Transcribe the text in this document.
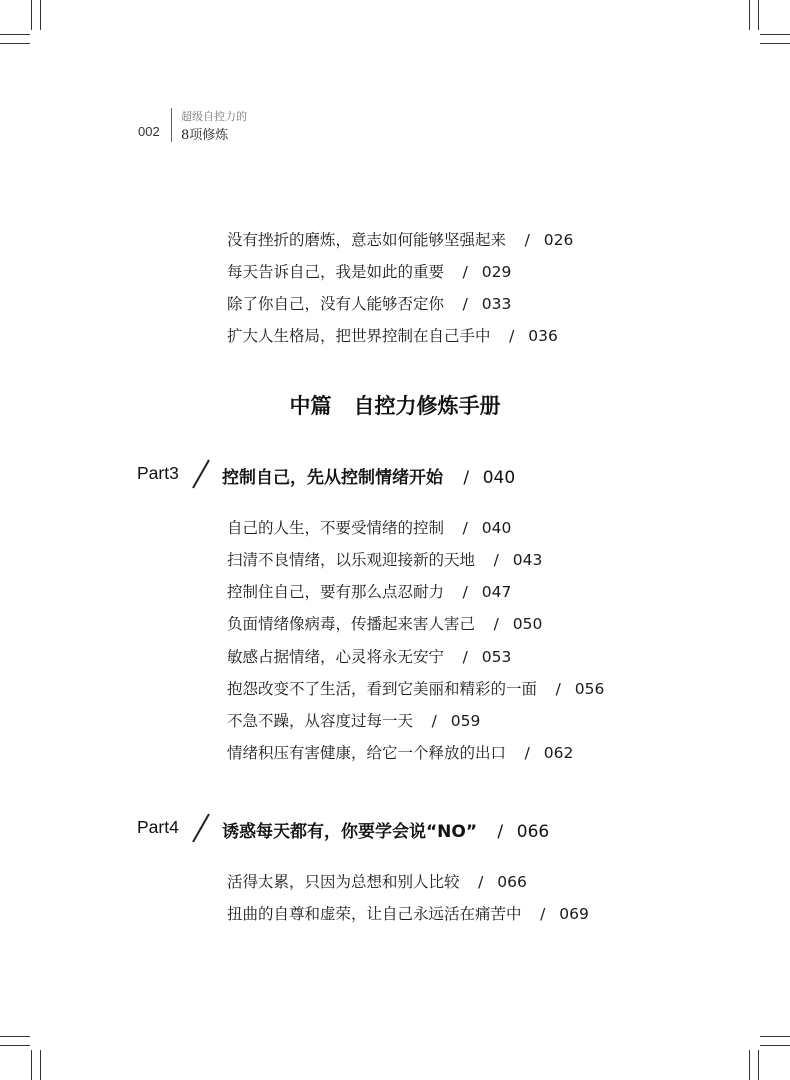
002
超级自控力的
8项修炼
没有挫折的磨炼，意志如何能够坚强起来 / 026
每天告诉自己，我是如此的重要 / 029
除了你自己，没有人能够否定你 / 033
扩大人生格局，把世界控制在自己手中 / 036
中篇 自控力修炼手册
Part3	控制自己，先从控制情绪开始 / 040
自己的人生，不要受情绪的控制 / 040
扫清不良情绪，以乐观迎接新的天地 / 043
控制住自己，要有那么点忍耐力 / 047
负面情绪像病毒，传播起来害人害己 / 050
敏感占据情绪，心灵将永无安宁 / 053
抱怨改变不了生活，看到它美丽和精彩的一面 / 056
不急不躁，从容度过每一天 / 059
情绪积压有害健康，给它一个释放的出口 / 062
Part4	诱惑每天都有，你要学会说“NO” / 066
活得太累，只因为总想和别人比较 / 066
扭曲的自尊和虚荣，让自己永远活在痛苦中 / 069
